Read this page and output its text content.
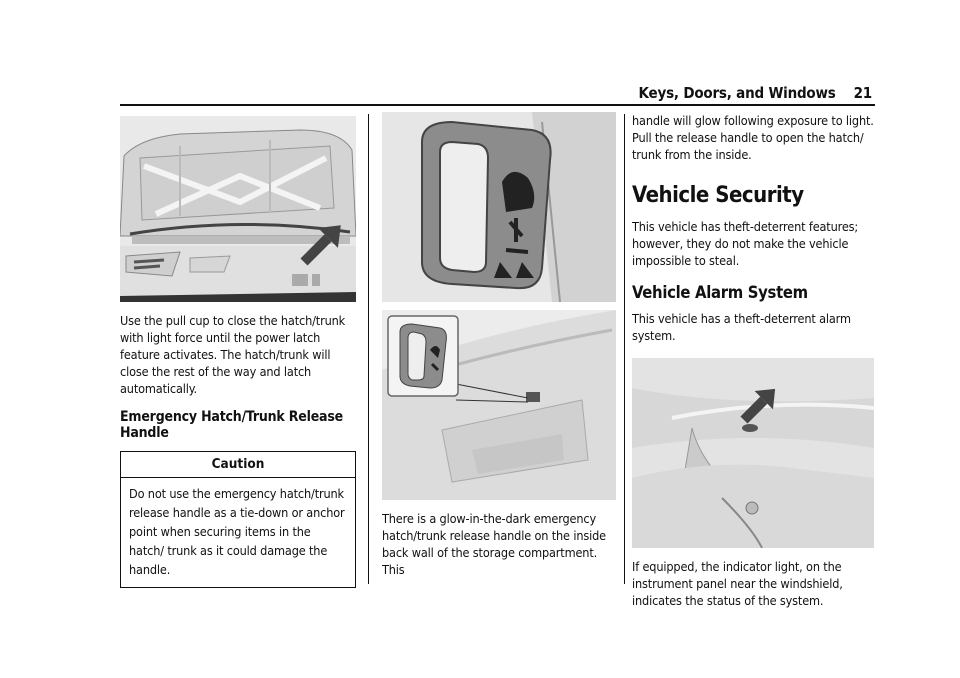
Keys, Doors, and Windows 21

Use the pull cup to close the hatch/trunk with light force until the power latch feature activates. The hatch/trunk will close the rest of the way and latch automatically.

Emergency Hatch/Trunk Release Handle
Caution
Do not use the emergency hatch/trunk release handle as a tie-down or anchor point when securing items in the hatch/ trunk as it could damage the handle.

There is a glow-in-the-dark emergency hatch/trunk release handle on the inside back wall of the storage compartment. This

handle will glow following exposure to light. Pull the release handle to open the hatch/ trunk from the inside.

Vehicle Security

This vehicle has theft-deterrent features; however, they do not make the vehicle impossible to steal.

Vehicle Alarm System

This vehicle has a theft-deterrent alarm system.

If equipped, the indicator light, on the instrument panel near the windshield, indicates the status of the system.
